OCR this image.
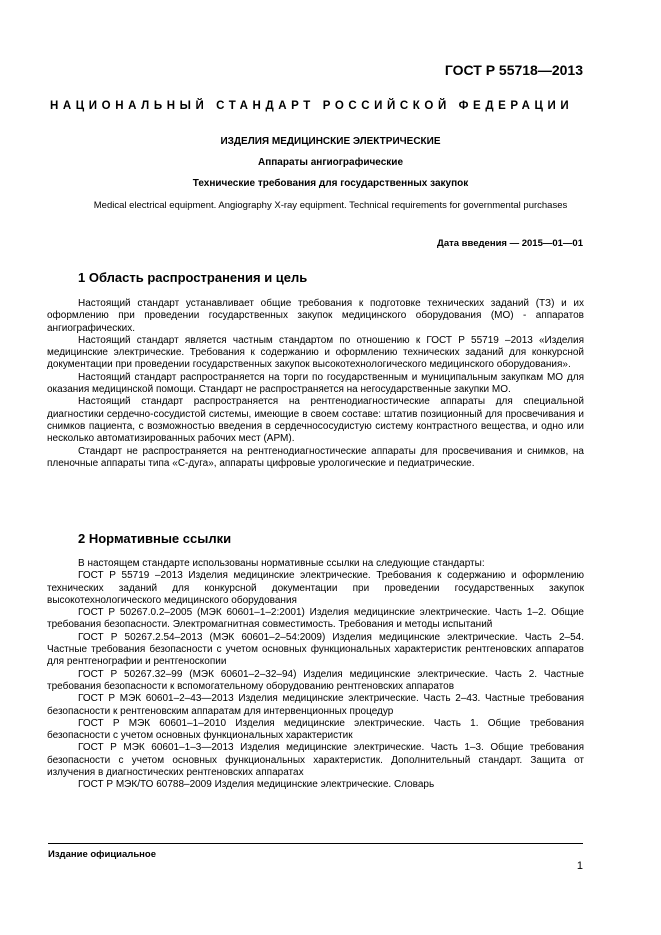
ГОСТ Р 55718—2013
НАЦИОНАЛЬНЫЙ СТАНДАРТ РОССИЙСКОЙ ФЕДЕРАЦИИ
ИЗДЕЛИЯ МЕДИЦИНСКИЕ ЭЛЕКТРИЧЕСКИЕ
Аппараты ангиографические
Технические требования для государственных закупок
Medical electrical equipment. Angiography X-ray equipment. Technical requirements for governmental purchases
Дата введения — 2015—01—01
1 Область распространения и цель

Настоящий стандарт устанавливает общие требования к подготовке технических заданий (ТЗ) и их оформлению при проведении государственных закупок медицинского оборудования (МО) - аппаратов ангиографических.

Настоящий стандарт является частным стандартом по отношению к ГОСТ Р 55719 –2013 «Изделия медицинские электрические. Требования к содержанию и оформлению технических заданий для конкурсной документации при проведении государственных закупок высокотехнологического медицинского оборудования».

Настоящий стандарт распространяется на торги по государственным и муниципальным закупкам МО для оказания медицинской помощи. Стандарт не распространяется на негосударственные закупки МО.

Настоящий стандарт распространяется на рентгенодиагностические аппараты для специальной диагностики сердечно-сосудистой системы, имеющие в своем составе: штатив позиционный для просвечивания и снимков пациента, с возможностью введения в сердечнососудистую систему контрастного вещества, и одно или несколько автоматизированных рабочих мест (АРМ).

Стандарт не распространяется на рентгенодиагностические аппараты для просвечивания и снимков, на пленочные аппараты типа «С-дуга», аппараты цифровые урологические и педиатрические.

2 Нормативные ссылки

В настоящем стандарте использованы нормативные ссылки на следующие стандарты:

ГОСТ Р 55719 –2013 Изделия медицинские электрические. Требования к содержанию и оформлению технических заданий для конкурсной документации при проведении государственных закупок высокотехнологического медицинского оборудования

ГОСТ Р 50267.0.2–2005 (МЭК 60601–1–2:2001) Изделия медицинские электрические. Часть 1–2. Общие требования безопасности. Электромагнитная совместимость. Требования и методы испытаний

ГОСТ Р 50267.2.54–2013 (МЭК 60601–2–54:2009) Изделия медицинские электрические. Часть 2–54. Частные требования безопасности с учетом основных функциональных характеристик рентгеновских аппаратов для рентгенографии и рентгеноскопии

ГОСТ Р 50267.32–99 (МЭК 60601–2–32–94) Изделия медицинские электрические. Часть 2. Частные требования безопасности к вспомогательному оборудованию рентгеновских аппаратов

ГОСТ Р МЭК 60601–2–43—2013 Изделия медицинские электрические. Часть 2–43. Частные требования безопасности к рентгеновским аппаратам для интервенционных процедур

ГОСТ Р МЭК 60601–1–2010 Изделия медицинские электрические. Часть 1. Общие требования безопасности с учетом основных функциональных характеристик

ГОСТ Р МЭК 60601–1–3—2013 Изделия медицинские электрические. Часть 1–3. Общие требования безопасности с учетом основных функциональных характеристик. Дополнительный стандарт. Защита от излучения в диагностических рентгеновских аппаратах

ГОСТ Р МЭК/ТО 60788–2009 Изделия медицинские электрические. Словарь

Издание официальное
1
